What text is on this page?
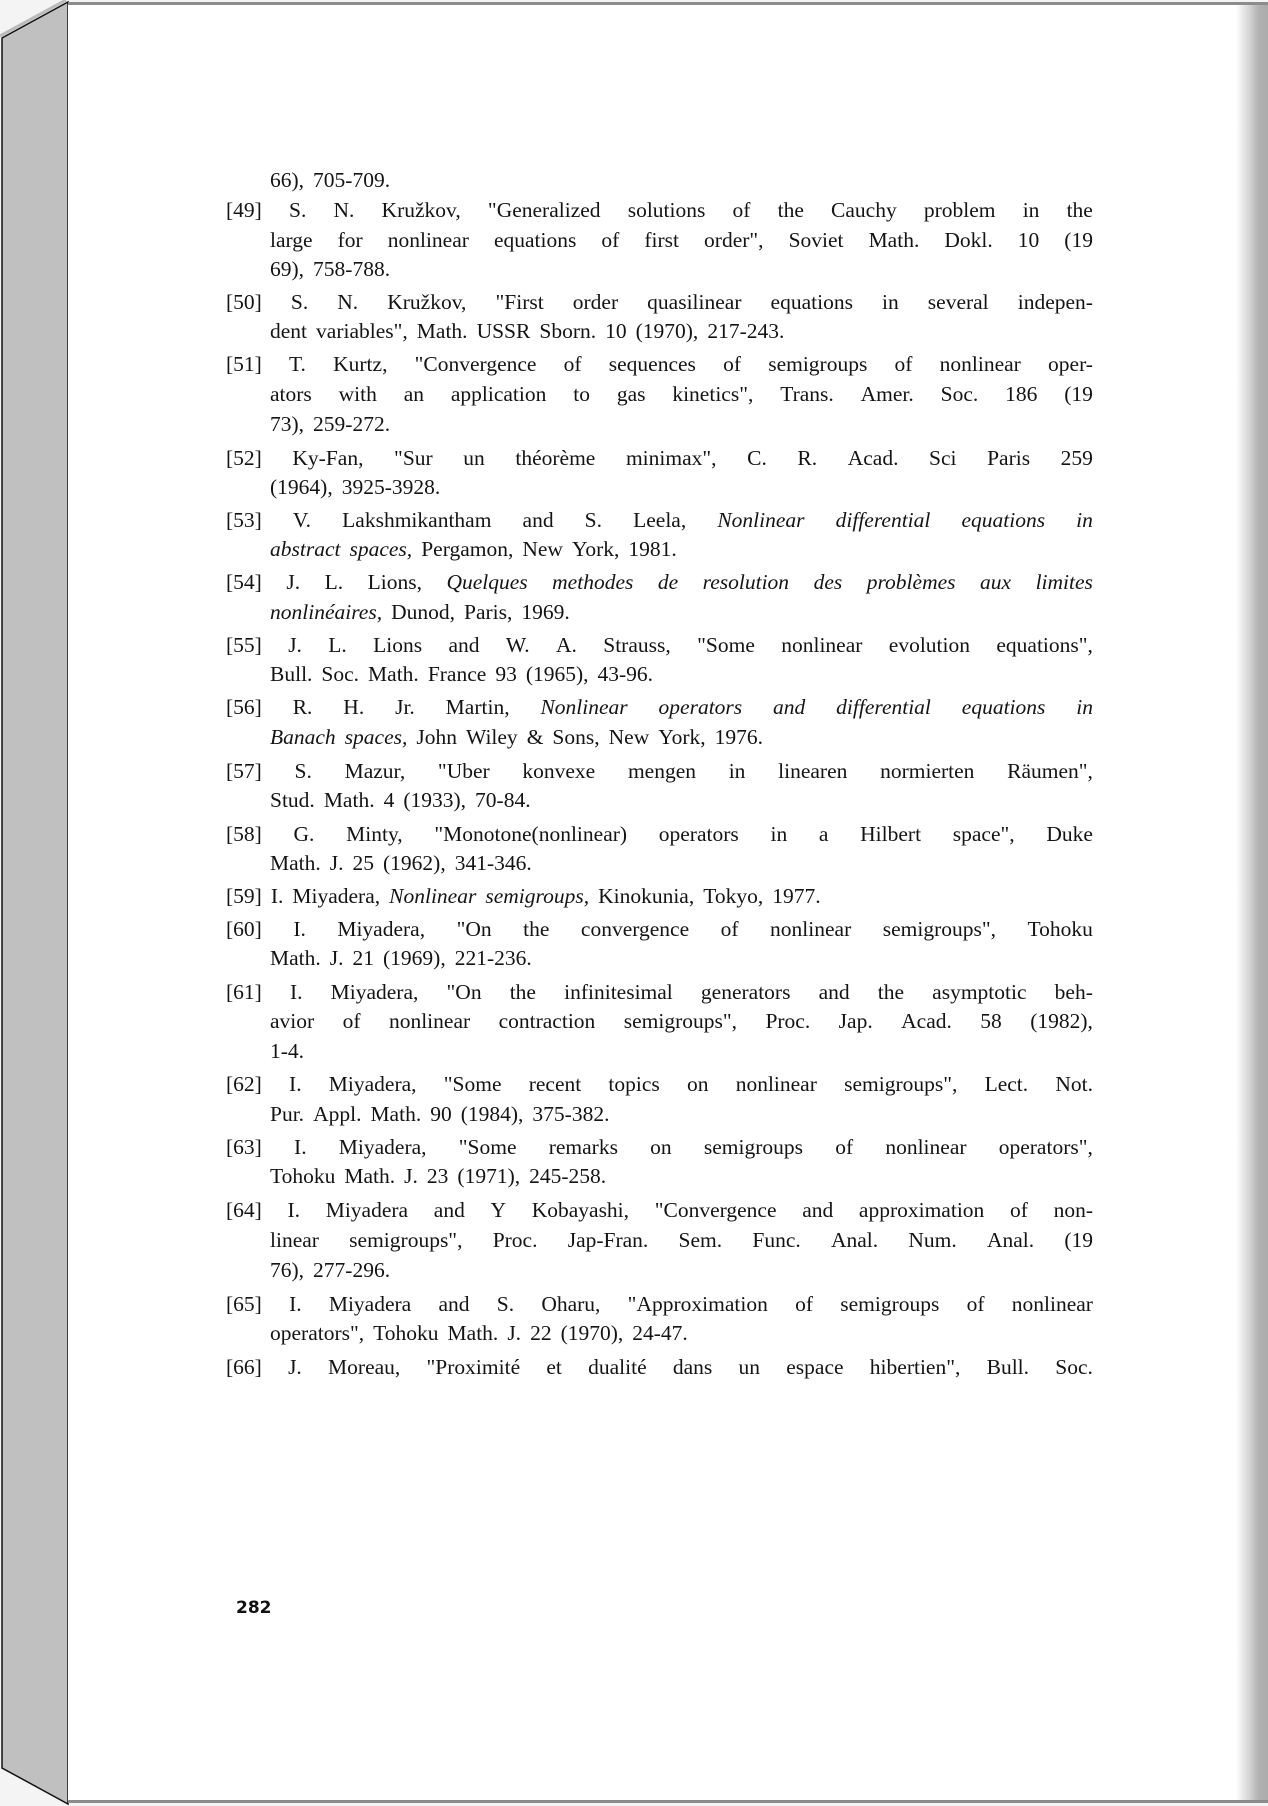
66), 705-709.
[49] S. N. Kružkov, "Generalized solutions of the Cauchy problem in the
large for nonlinear equations of first order", Soviet Math. Dokl. 10 (19
69), 758-788.
[50] S. N. Kružkov, "First order quasilinear equations in several indepen-
dent variables", Math. USSR Sborn. 10 (1970), 217-243.
[51] T. Kurtz, "Convergence of sequences of semigroups of nonlinear oper-
ators with an application to gas kinetics", Trans. Amer. Soc. 186 (19
73), 259-272.
[52] Ky-Fan, "Sur un théorème minimax", C. R. Acad. Sci Paris 259
(1964), 3925-3928.
[53] V. Lakshmikantham and S. Leela, Nonlinear differential equations in
abstract spaces, Pergamon, New York, 1981.
[54] J. L. Lions, Quelques methodes de resolution des problèmes aux limites
nonlinéaires, Dunod, Paris, 1969.
[55] J. L. Lions and W. A. Strauss, "Some nonlinear evolution equations",
Bull. Soc. Math. France 93 (1965), 43-96.
[56] R. H. Jr. Martin, Nonlinear operators and differential equations in
Banach spaces, John Wiley & Sons, New York, 1976.
[57] S. Mazur, "Uber konvexe mengen in linearen normierten Räumen",
Stud. Math. 4 (1933), 70-84.
[58] G. Minty, "Monotone(nonlinear) operators in a Hilbert space", Duke
Math. J. 25 (1962), 341-346.
[59] I. Miyadera, Nonlinear semigroups, Kinokunia, Tokyo, 1977.
[60] I. Miyadera, "On the convergence of nonlinear semigroups", Tohoku
Math. J. 21 (1969), 221-236.
[61] I. Miyadera, "On the infinitesimal generators and the asymptotic beh-
avior of nonlinear contraction semigroups", Proc. Jap. Acad. 58 (1982),
1-4.
[62] I. Miyadera, "Some recent topics on nonlinear semigroups", Lect. Not.
Pur. Appl. Math. 90 (1984), 375-382.
[63] I. Miyadera, "Some remarks on semigroups of nonlinear operators",
Tohoku Math. J. 23 (1971), 245-258.
[64] I. Miyadera and Y Kobayashi, "Convergence and approximation of non-
linear semigroups", Proc. Jap-Fran. Sem. Func. Anal. Num. Anal. (19
76), 277-296.
[65] I. Miyadera and S. Oharu, "Approximation of semigroups of nonlinear
operators", Tohoku Math. J. 22 (1970), 24-47.
[66] J. Moreau, "Proximité et dualité dans un espace hibertien", Bull. Soc.
282
